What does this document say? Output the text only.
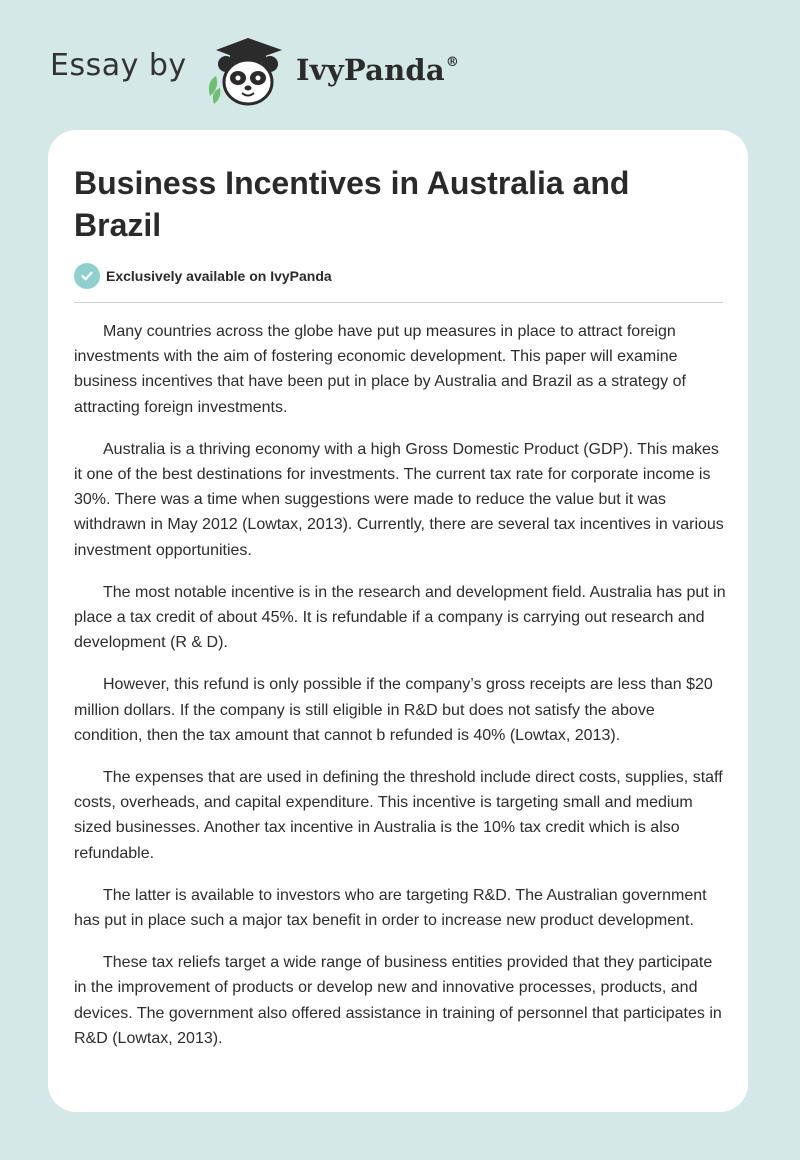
Essay by	IvyPanda®
Business Incentives in Australia and Brazil
Exclusively available on IvyPanda

Many countries across the globe have put up measures in place to attract foreign investments with the aim of fostering economic development. This paper will examine business incentives that have been put in place by Australia and Brazil as a strategy of attracting foreign investments.

Australia is a thriving economy with a high Gross Domestic Product (GDP). This makes it one of the best destinations for investments. The current tax rate for corporate income is 30%. There was a time when suggestions were made to reduce the value but it was withdrawn in May 2012 (Lowtax, 2013). Currently, there are several tax incentives in various investment opportunities.

The most notable incentive is in the research and development field. Australia has put in place a tax credit of about 45%. It is refundable if a company is carrying out research and development (R & D).

However, this refund is only possible if the company’s gross receipts are less than $20 million dollars. If the company is still eligible in R&D but does not satisfy the above condition, then the tax amount that cannot b refunded is 40% (Lowtax, 2013).

The expenses that are used in defining the threshold include direct costs, supplies, staff costs, overheads, and capital expenditure. This incentive is targeting small and medium sized businesses. Another tax incentive in Australia is the 10% tax credit which is also refundable.

The latter is available to investors who are targeting R&D. The Australian government has put in place such a major tax benefit in order to increase new product development.

These tax reliefs target a wide range of business entities provided that they participate in the improvement of products or develop new and innovative processes, products, and devices. The government also offered assistance in training of personnel that participates in R&D (Lowtax, 2013).
